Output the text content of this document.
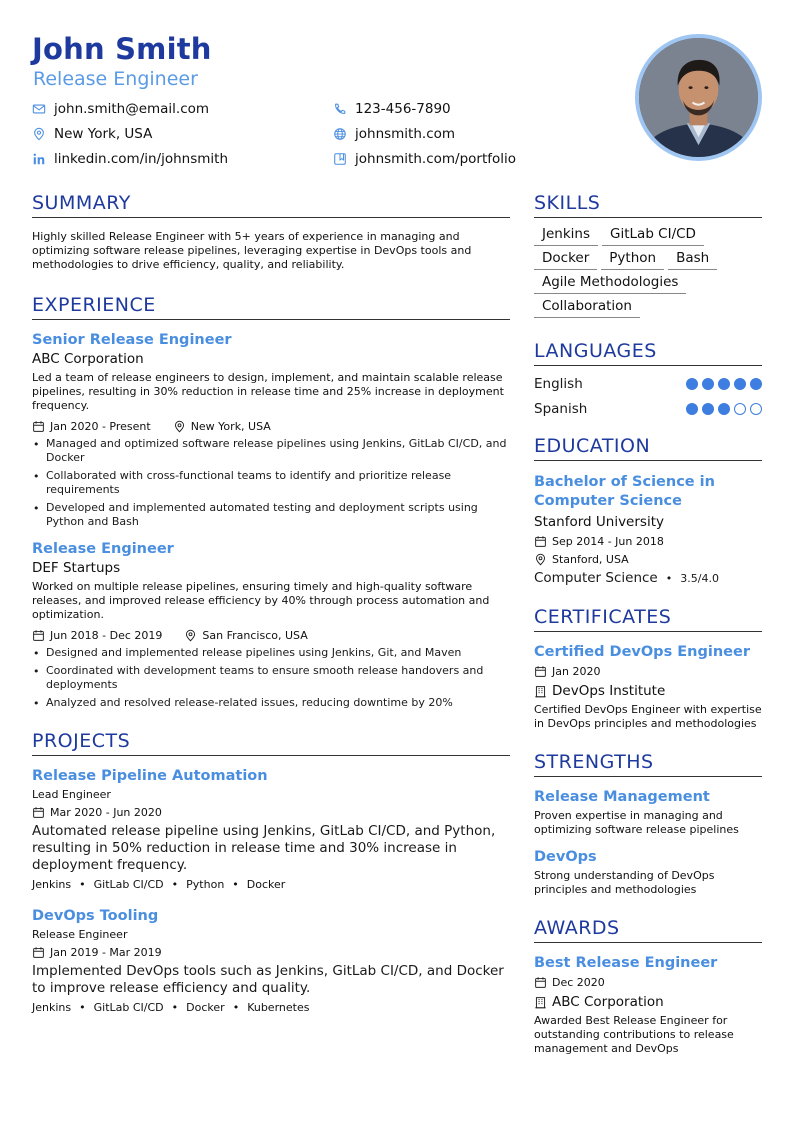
John Smith
Release Engineer
john.smith@email.com	123-456-7890
New York, USA	johnsmith.com
linkedin.com/in/johnsmith	johnsmith.com/portfolio
SUMMARY
Highly skilled Release Engineer with 5+ years of experience in managing and optimizing software release pipelines, leveraging expertise in DevOps tools and methodologies to drive efficiency, quality, and reliability.
EXPERIENCE
Senior Release Engineer
ABC Corporation
Led a team of release engineers to design, implement, and maintain scalable release pipelines, resulting in 30% reduction in release time and 25% increase in deployment frequency.
Jan 2020 - Present	New York, USA
• Managed and optimized software release pipelines using Jenkins, GitLab CI/CD, and Docker
• Collaborated with cross-functional teams to identify and prioritize release requirements
• Developed and implemented automated testing and deployment scripts using Python and Bash
Release Engineer
DEF Startups
Worked on multiple release pipelines, ensuring timely and high-quality software releases, and improved release efficiency by 40% through process automation and optimization.
Jun 2018 - Dec 2019	San Francisco, USA
• Designed and implemented release pipelines using Jenkins, Git, and Maven
• Coordinated with development teams to ensure smooth release handovers and deployments
• Analyzed and resolved release-related issues, reducing downtime by 20%
PROJECTS
Release Pipeline Automation
Lead Engineer
Mar 2020 - Jun 2020
Automated release pipeline using Jenkins, GitLab CI/CD, and Python, resulting in 50% reduction in release time and 30% increase in deployment frequency.
Jenkins • GitLab CI/CD • Python • Docker
DevOps Tooling
Release Engineer
Jan 2019 - Mar 2019
Implemented DevOps tools such as Jenkins, GitLab CI/CD, and Docker to improve release efficiency and quality.
Jenkins • GitLab CI/CD • Docker • Kubernetes
SKILLS
Jenkins GitLab CI/CDDocker Python BashAgile MethodologiesCollaboration
LANGUAGES
English
Spanish
EDUCATION
Bachelor of Science in Computer Science
Stanford University
Sep 2014 - Jun 2018
Stanford, USA
Computer Science • 3.5/4.0
CERTIFICATES
Certified DevOps Engineer
Jan 2020
DevOps Institute
Certified DevOps Engineer with expertise in DevOps principles and methodologies
STRENGTHS
Release Management
Proven expertise in managing and optimizing software release pipelines
DevOps
Strong understanding of DevOps principles and methodologies
AWARDS
Best Release Engineer
Dec 2020
ABC Corporation
Awarded Best Release Engineer for outstanding contributions to release management and DevOps
